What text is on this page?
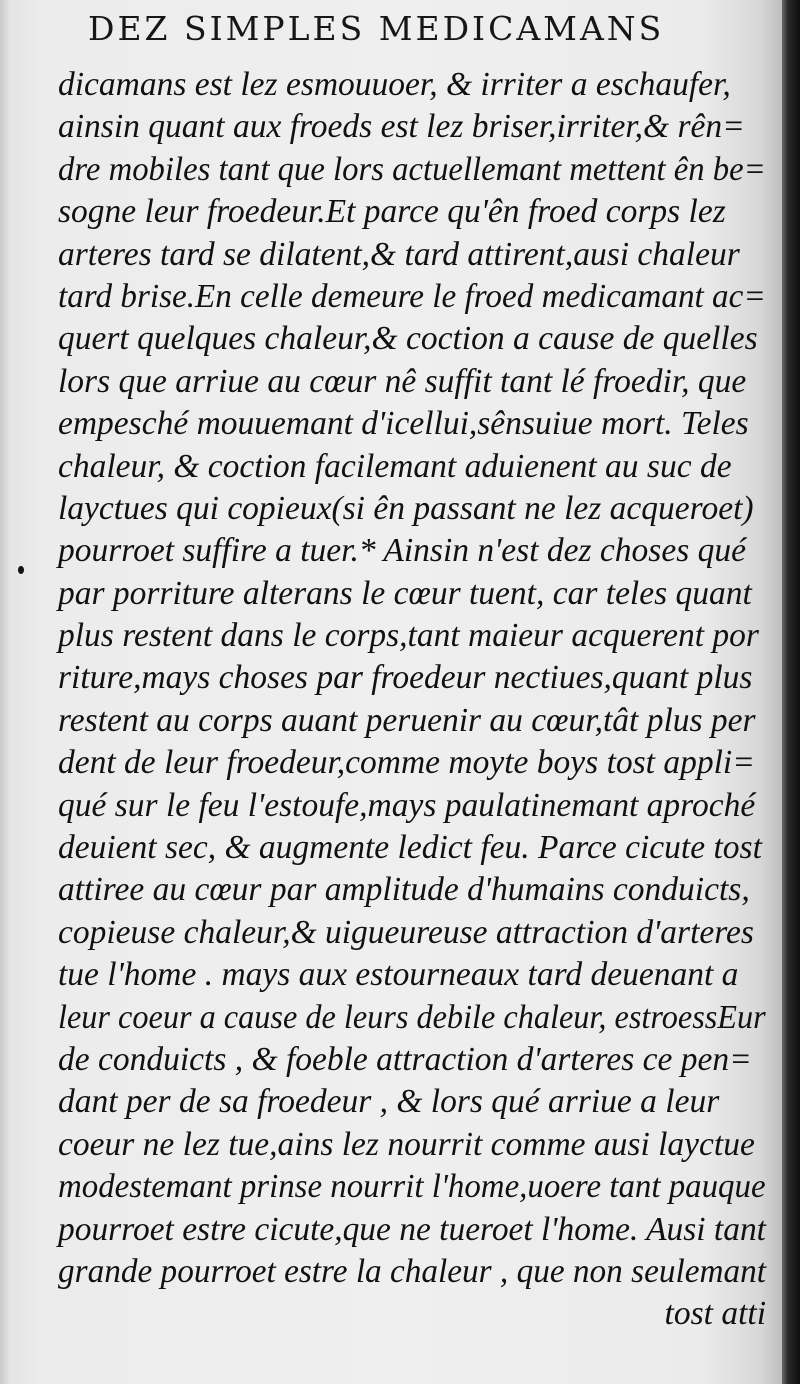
DEZ SIMPLES MEDICAMANS
dicamans est lez esmouuoer, & irriter a eschaufer,
ainsin quant aux froeds est lez briser,irriter,& rên=
dre mobiles tant que lors actuellemant mettent ên be=
sogne leur froedeur.Et parce qu'ên froed corps lez
arteres tard se dilatent,& tard attirent,ausi chaleur
tard brise.En celle demeure le froed medicamant ac=
quert quelques chaleur,& coction a cause de quelles
lors que arriue au cœur nê suffit tant lé froedir, que
empesché mouuemant d'icellui,sênsuiue mort. Teles
chaleur, & coction facilemant aduienent au suc de
layctues qui copieux(si ên passant ne lez acqueroet)
pourroet suffire a tuer.* Ainsin n'est dez choses qué
par porriture alterans le cœur tuent, car teles quant
plus restent dans le corps,tant maieur acquerent por
riture,mays choses par froedeur nectiues,quant plus
restent au corps auant peruenir au cœur,tât plus per
dent de leur froedeur,comme moyte boys tost appli=
qué sur le feu l'estoufe,mays paulatinemant aproché
deuient sec, & augmente ledict feu. Parce cicute tost
attiree au cœur par amplitude d'humains conduicts,
copieuse chaleur,& uigueureuse attraction d'arteres
tue l'home . mays aux estourneaux tard deuenant a
leur coeur a cause de leurs debile chaleur, estroessEur
de conduicts , & foeble attraction d'arteres ce pen=
dant per de sa froedeur , & lors qué arriue a leur
coeur ne lez tue,ains lez nourrit comme ausi layctue
modestemant prinse nourrit l'home,uoere tant pauque
pourroet estre cicute,que ne tueroet l'home. Ausi tant
grande pourroet estre la chaleur , que non seulemant
tost atti
